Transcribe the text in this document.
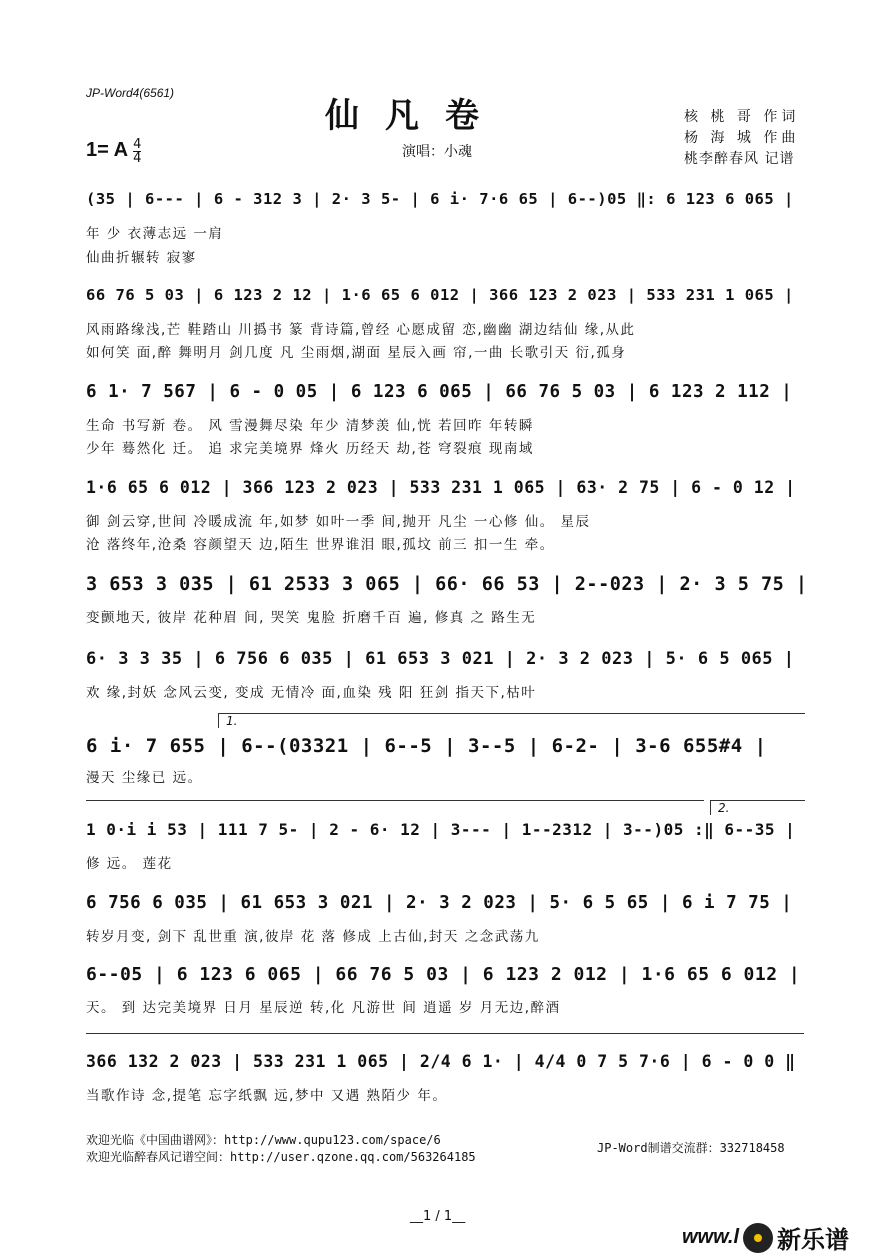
JP-Word4(6561)
仙凡卷
1= A $\frac{4}{4}$	演唱：小魂
核 桃 哥 作词
杨 海 城 作曲
桃李醉春风 记谱
(35 | 6--- | 6 - 312 3 | 2· 3 5- | 6 i· 7·6 65 | 6--)05 ‖: 6 123 6 065 |
年 少 衣薄志远 一肩
仙曲折辗转 寂寥
66 76 5 03 | 6 123 2 12 | 1·6 65 6 012 | 366 123 2 023 | 533 231 1 065 |
风雨路缘浅,芒 鞋踏山 川撝书 篆 背诗篇,曾经 心愿成留 恋,幽幽 湖边结仙 缘,从此
如何笑 面,醉 舞明月 剑几度 凡 尘雨烟,湖面 星辰入画 帘,一曲 长歌引天 衍,孤身
6 1· 7 567 | 6 - 0 05 | 6 123 6 065 | 66 76 5 03 | 6 123 2 112 |
生命 书写新 卷。 风 雪漫舞尽染 年少 清梦羡 仙,恍 若回昨 年转瞬
少年 蓦然化 迁。 追 求完美境界 烽火 历经天 劫,苍 穹裂痕 现南域
1·6 65 6 012 | 366 123 2 023 | 533 231 1 065 | 63· 2 75 | 6 - 0 12 |
御 剑云穿,世间 冷暖成流 年,如梦 如叶一季 间,抛开 凡尘 一心修 仙。 星辰
沧 落终年,沧桑 容颜望天 边,陌生 世界谁泪 眼,孤坟 前三 扣一生 牵。
3 653 3 035 | 61 2533 3 065 | 66· 66 53 | 2--023 | 2· 3 5 75 |
变颤地天, 彼岸 花种眉 间, 哭笑 鬼脸 折磨千百 遍, 修真 之 路生无
6· 3 3 35 | 6 756 6 035 | 61 653 3 021 | 2· 3 2 023 | 5· 6 5 065 |
欢 缘,封妖 念风云变, 变成 无情冷 面,血染 残 阳 狂剑 指天下,枯叶
1.
6 i· 7 655 | 6--(03321 | 6--5 | 3--5 | 6-2- | 3-6 655#4 |
漫天 尘缘已 远。
2.
1 0·i i 53 | 111 7 5- | 2 - 6· 12 | 3--- | 1--2312 | 3--)05 :‖ 6--35 |
修 远。 莲花
6 756 6 035 | 61 653 3 021 | 2· 3 2 023 | 5· 6 5 65 | 6 i 7 75 |
转岁月变, 剑下 乱世重 演,彼岸 花 落 修成 上古仙,封天 之念武荡九
6--05 | 6 123 6 065 | 66 76 5 03 | 6 123 2 012 | 1·6 65 6 012 |
天。 到 达完美境界 日月 星辰逆 转,化 凡游世 间 逍遥 岁 月无边,醉酒
366 132 2 023 | 533 231 1 065 | 2/4 6 1· | 4/4 0 7 5 7·6 | 6 - 0 0 ‖
当歌作诗 念,提笔 忘字纸飘 远,梦中 又遇 熟陌少 年。
欢迎光临《中国曲谱网》：http://www.qupu123.com/space/6
欢迎光临醉春风记谱空间：http://user.qzone.qq.com/563264185
JP-Word制谱交流群：332718458
__1 / 1__
www.l 新乐谱
